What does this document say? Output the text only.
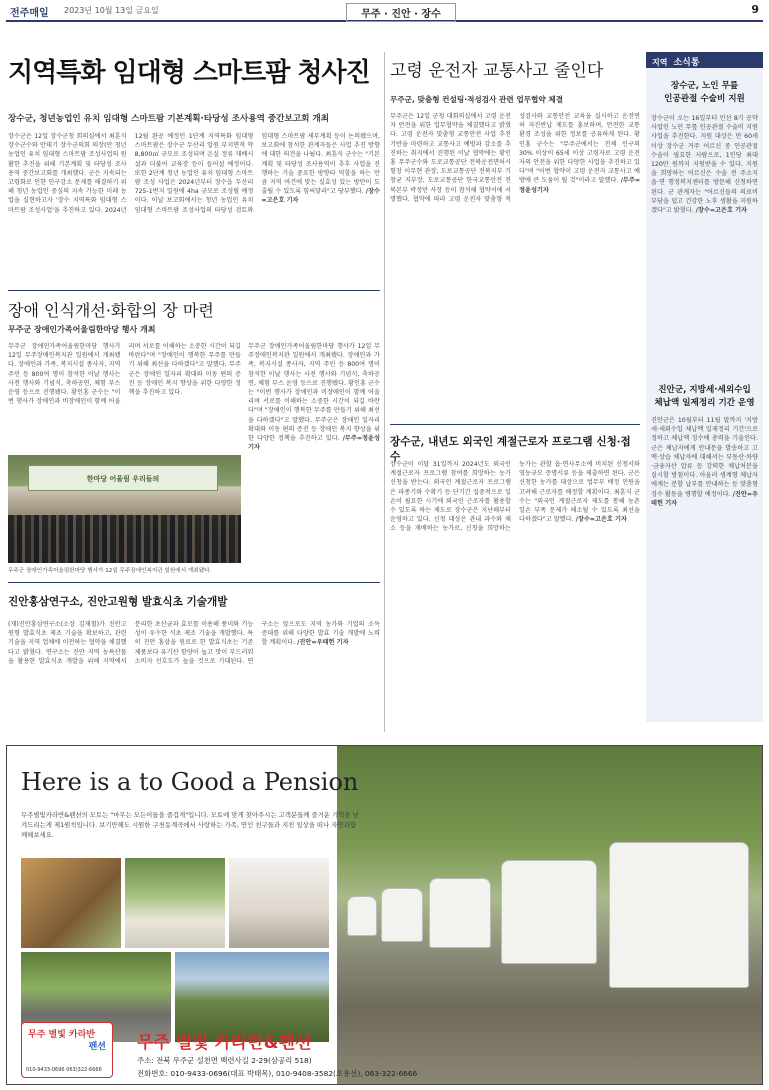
전주매일 2023년 10월 13일 금요일	무주 · 진안 · 장수	9
지역특화 임대형 스마트팜 청사진
장수군, 청년농업인 유치 임대형 스마트팜 기본계획·타당성 조사용역 중간보고회 개최
장수군은 12일 장수군청 회의실에서 최훈식 장수군수와 안태기 장수군의회 의장(안 청년농업인 유치 임대형 스마트팜 조성사업의 원활한 추진을 위해 기본계획 및 타당성 조사용역 중간보고회를 개최했다. 군은 지속되는 고령화로 인한 인구감소 문제를 해결하기 위해 청년 농업인 중심의 지속 가능한 미래 농업을 실현하고자 '장수 지역특화 임대형 스마트팜 조성사업'을 추진하고 있다. 2024년 12월 완공 예정인 1단계 지역특화 임대형 스마트팜은 장수군 두산리 일원 부지면적 약 8,800㎡ 규모로 조성되며 온실 정류 재배시설과 더불어 교육장 등이 들어설 예정이다. 또한 2단계 청년 농업인 유치 임대형 스마트팜 조성 사업은 2024년부터 장수읍 두산리 725-1번지 일원에 4ha 규모로 조성될 예정이다. 이날 보고회에서는 청년 농업인 유치 임대형 스마트팜 조성사업의 타당성 검토와 임대형 스마트팜 세부계획 등이 논의됐으며, 보고회에 참석한 관계자들은 사업 추진 방향에 대한 의견을 나눴다. 최훈식 군수는 "기본계획 및 타당성 조사용역이 추후 사업을 진행하는 기술 중요한 방향타 역할을 하는 만큼 지역 여건에 맞는 실효성 있는 방안이 도출될 수 있도록 힘써달라"고 당부했다. /장수=고은호 기자
고령 운전자 교통사고 줄인다
무주군, 맞춤형 컨설팅·적성검사 관련 업무협약 체결
무주군은 12일 군청 대회의실에서 고령 운전자 안전을 위한 업무협약을 체결했다고 밝혔다. 고령 운전자 맞춤형 교통안전 사업 추진 기반을 마련하고 교통사고 예방과 감소를 추진하는 취지에서 진행된 이날 협약에는 황인홍 무주군수와 도로교통공단 전북운전면허시험장 이무현 관장, 도로교통공단 전북지부 기창균 지부장, 도로교통공단 한국교통안전 전북본부 박정만 사장 등이 참석해 협약서에 서명했다. 협약에 따라 고령 운전자 맞춤형 적성검사와 교통안전 교육을 실시하고 운전면허 자진반납 제도를 홍보하며, 안전한 교통 환경 조성을 위한 정보를 공유하게 된다. 황인홍 군수는 "무주군에서는 전체 인구의 30% 이상이 65세 이상 고령자로 고령 운전자의 안전을 위한 다양한 사업을 추진하고 있다"며 "이번 협약이 고령 운전자 교통사고 예방에 큰 도움이 될 것"이라고 말했다. /무주=정윤성기자
장수군, 내년도 외국인 계절근로자 프로그램 신청·접수
장수군이 이달 31일까지 2024년도 외국인 계절근로자 프로그램 참여를 희망하는 농가 신청을 받는다. 외국인 계절근로자 프로그램은 파종기와 수확기 등 단기간 집중적으로 일손이 필요한 시기에 외국인 근로자를 활용할 수 있도록 하는 제도로 장수군은 지난해부터 운영하고 있다. 신청 대상은 관내 과수와 채소 등을 재배하는 농가로, 신청을 희망하는 농가는 관할 읍·면사무소에 비치된 신청서와 영농규모 증명서류 등을 제출하면 된다. 군은 신청한 농가를 대상으로 법무부 배정 인원을 고려해 근로자를 배정할 계획이다. 최훈식 군수는 "외국인 계절근로자 제도를 통해 농촌 일손 부족 문제가 해소될 수 있도록 최선을 다하겠다"고 말했다. /장수=고은호 기자
장애 인식개선·화합의 장 마련
무주군 장애인가족어울림한마당 행사 개최
무주군 장애인가족어울림한마당 행사가 12일 무주장애인복지관 일원에서 개최됐다. 장애인과 가족, 복지시설 종사자, 지역 주민 등 800여 명이 참석한 이날 행사는 사전 행사와 기념식, 축하공연, 체험 부스 운영 등으로 진행됐다. 황인홍 군수는 "이번 행사가 장애인과 비장애인이 함께 어울리며 서로를 이해하는 소중한 시간이 되길 바란다"며 "장애인이 행복한 무주를 만들기 위해 최선을 다하겠다"고 말했다. 무주군은 장애인 일자리 확대와 이동 편의 증진 등 장애인 복지 향상을 위한 다양한 정책을 추진하고 있다.
무주군 장애인가족어울림한마당 행사가 12일 무주장애인복지관 일원에서 개최됐다. 장애인과 가족, 복지시설 종사자, 지역 주민 등 800여 명이 참석한 이날 행사는 사전 행사와 기념식, 축하공연, 체험 부스 운영 등으로 진행됐다. 황인홍 군수는 "이번 행사가 장애인과 비장애인이 함께 어울리며 서로를 이해하는 소중한 시간이 되길 바란다"며 "장애인이 행복한 무주를 만들기 위해 최선을 다하겠다"고 말했다. 무주군은 장애인 일자리 확대와 이동 편의 증진 등 장애인 복지 향상을 위한 다양한 정책을 추진하고 있다. /무주=정윤성 기자
한마당 어울림 우리들의
무주군 장애인가족어울림한마당 행사가 12일 무주장애인복지관 일원에서 개최됐다.
진안홍삼연구소, 진안고원형 발효식초 기술개발
(재)진안홍삼연구소(소장 김재철)가 진안고원형 발효식초 제조 기술을 확보하고, 관련 기술을 지역 업체에 이전하는 협약을 체결했다고 밝혔다. 연구소는 진안 지역 농특산물을 활용한 발효식초 개발을 위해 지역에서 분리한 초산균과 효모를 이용해 풍미와 기능성이 우수한 식초 제조 기술을 개발했다. 특히 진안 홍삼을 원료로 한 발효식초는 기존 제품보다 유기산 함량이 높고 맛이 부드러워 소비자 선호도가 높을 것으로 기대된다. 연구소는 앞으로도 지역 농가와 기업의 소득 증대를 위해 다양한 발효 기술 개발에 노력할 계획이다. /진안=우태헌 기자
지역 소식통
장수군, 노인 무릎
인공관절 수술비 지원
장수군이 오는 16일부터 민선 8기 공약사업인 노인 무릎 인공관절 수술비 지원 사업을 추진한다. 지원 대상은 만 60세 이상 장수군 거주 어르신 중 인공관절 수술이 필요한 사람으로, 1인당 최대 120만 원까지 지원받을 수 있다. 지원을 희망하는 어르신은 수술 전 주소지 읍·면 행정복지센터를 방문해 신청하면 된다. 군 관계자는 "어르신들의 의료비 부담을 덜고 건강한 노후 생활을 지원하겠다"고 밝혔다. /장수=고은호 기자
진안군, 지방세·세외수입
체납액 일제정리 기간 운영
진안군은 10월부터 11월 말까지 '지방세·세외수입 체납액 일제정리 기간'으로 정하고 체납액 징수에 총력을 기울인다. 군은 체납자에게 안내문을 발송하고 고액·상습 체납자에 대해서는 부동산·차량·금융자산 압류 등 강력한 체납처분을 실시할 방침이다. 아울러 생계형 체납자에게는 분할 납부를 안내하는 등 맞춤형 징수 활동을 병행할 예정이다. /진안=우태헌 기자
Here is a to Good a Pension
무주별빛카라반&펜션의 모토는 "마무는 모든이들을 즐겁게"입니다. 모토에 맞게 찾아주시는 고객분들께 즐거운 기억을 남겨드리는게 제1원칙입니다. 보기만해도 시원한 구천동계곡에서 사랑하는 가족, 연인 친구들과 지친 일상을 떠나 자연과함께해보세요.
무주 별빛 카라반
펜션
010-9433-0696 063)322-6666
무주 별빛 카라반&펜션
주소: 전북 무주군 설천면 백련사길 2-29(삼공리 518)
전화번호: 010-9433-0696(대표 박태목), 010-9408-3582(오용선), 063-322-6666
